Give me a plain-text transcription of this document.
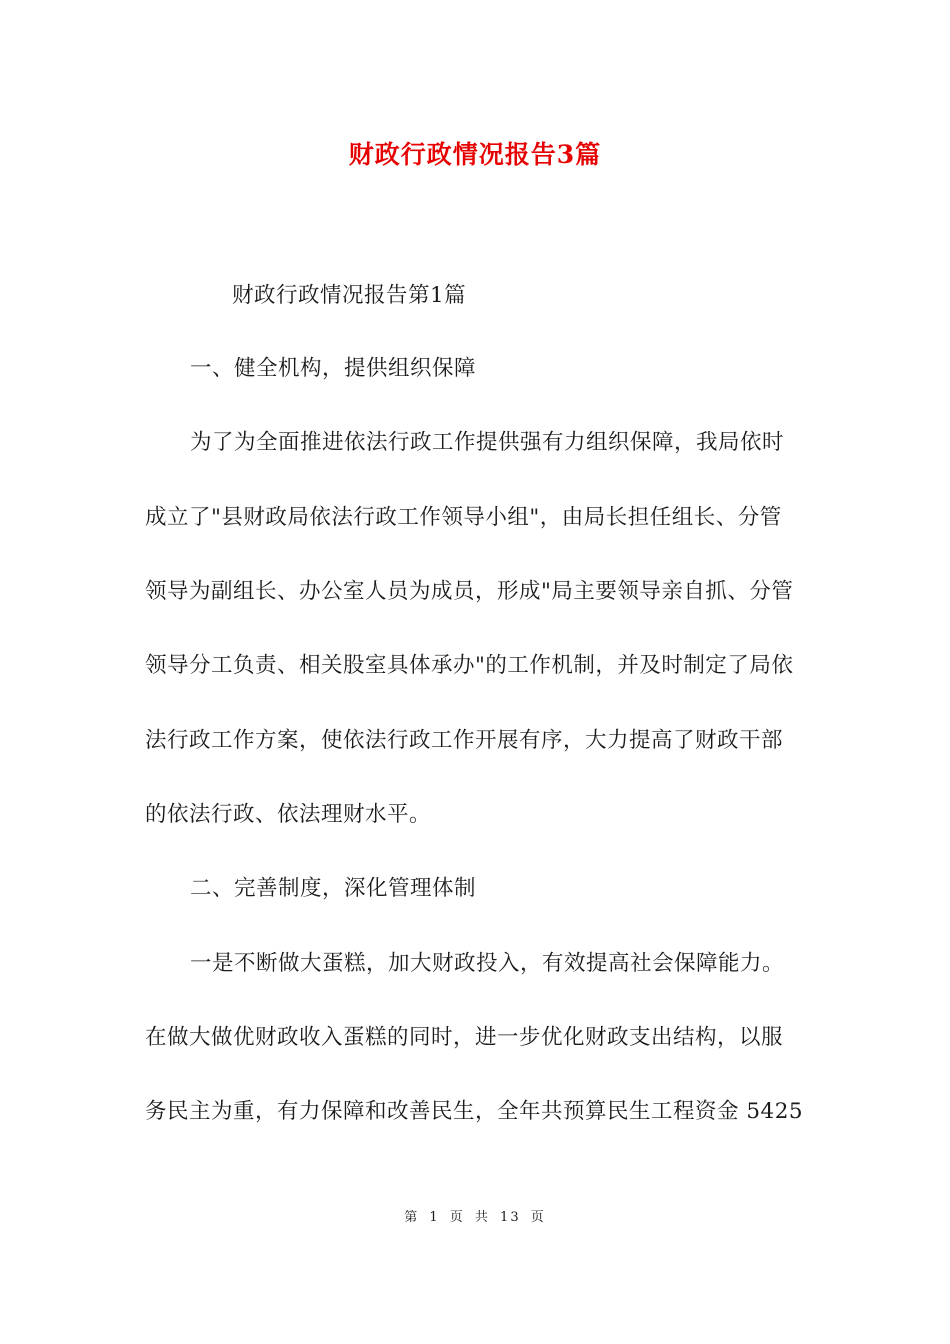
财政行政情况报告3篇
财政行政情况报告第1篇
一、健全机构，提供组织保障
为了为全面推进依法行政工作提供强有力组织保障，我局依时
成立了"县财政局依法行政工作领导小组"，由局长担任组长、分管
领导为副组长、办公室人员为成员，形成"局主要领导亲自抓、分管
领导分工负责、相关股室具体承办"的工作机制，并及时制定了局依
法行政工作方案，使依法行政工作开展有序，大力提高了财政干部
的依法行政、依法理财水平。
二、完善制度，深化管理体制
一是不断做大蛋糕，加大财政投入，有效提高社会保障能力。
在做大做优财政收入蛋糕的同时，进一步优化财政支出结构，以服
务民主为重，有力保障和改善民生，全年共预算民生工程资金 5425
第 1 页 共 13 页
